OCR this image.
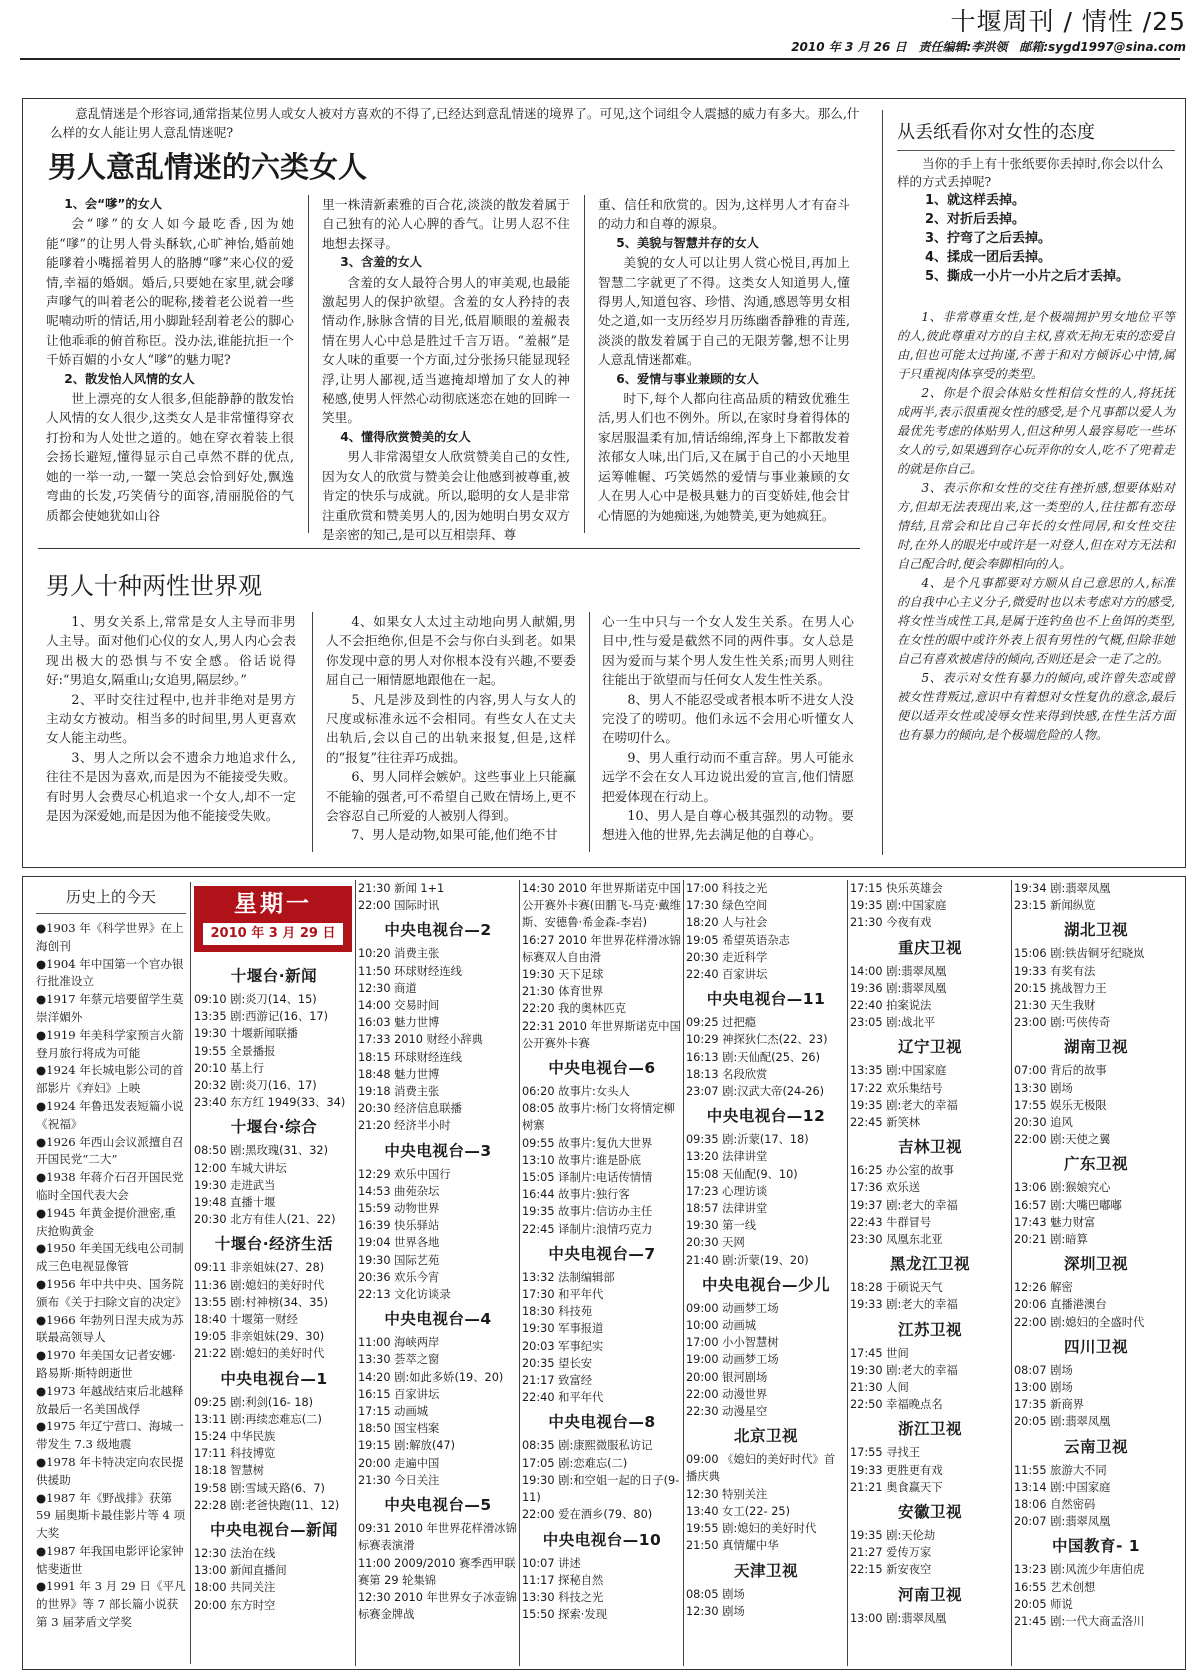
十堰周刊 / 情性 /25
2010 年 3 月 26 日　责任编辑:李洪领　邮箱:sygd1997@sina.com
意乱情迷是个形容词,通常指某位男人或女人被对方喜欢的不得了,已经达到意乱情迷的境界了。可见,这个词组令人震撼的威力有多大。那么,什么样的女人能让男人意乱情迷呢?
男人意乱情迷的六类女人
1、会“嗲”的女人

会“嗲”的女人如今最吃香,因为她能“嗲”的让男人骨头酥软,心旷神怡,婚前她能嗲着小嘴摇着男人的胳膊“嗲”来心仪的爱情,幸福的婚姻。婚后,只要她在家里,就会嗲声嗲气的叫着老公的昵称,搂着老公说着一些呢喃动听的情话,用小脚趾轻刮着老公的脚心让他乖乖的俯首称臣。没办法,谁能抗拒一个千娇百媚的小女人“嗲”的魅力呢?

2、散发怡人风情的女人

世上漂亮的女人很多,但能静静的散发怡人风情的女人很少,这类女人是非常懂得穿衣打扮和为人处世之道的。她在穿衣着装上很会扬长避短,懂得显示自己卓然不群的优点,她的一举一动,一颦一笑总会恰到好处,飘逸弯曲的长发,巧笑倩兮的面容,清丽脱俗的气质都会使她犹如山谷

里一株清新素雅的百合花,淡淡的散发着属于自己独有的沁人心脾的香气。让男人忍不住地想去探寻。

3、含羞的女人

含羞的女人最符合男人的审美观,也最能激起男人的保护欲望。含羞的女人矜持的表情动作,脉脉含情的目光,低眉顺眼的羞赧表情在男人心中总是胜过千言万语。“羞赧”是女人味的重要一个方面,过分张扬只能显现轻浮,让男人鄙视,适当遮掩却增加了女人的神秘感,使男人怦然心动彻底迷恋在她的回眸一笑里。

4、懂得欣赏赞美的女人

男人非常渴望女人欣赏赞美自己的女性,因为女人的欣赏与赞美会让他感到被尊重,被肯定的快乐与成就。所以,聪明的女人是非常注重欣赏和赞美男人的,因为她明白男女双方是亲密的知己,是可以互相崇拜、尊

重、信任和欣赏的。因为,这样男人才有奋斗的动力和自尊的源泉。

5、美貌与智慧并存的女人

美貌的女人可以让男人赏心悦目,再加上智慧二字就更了不得。这类女人知道男人,懂得男人,知道包容、珍惜、沟通,感恩等男女相处之道,如一支历经岁月历练幽香静雅的青莲,淡淡的散发着属于自己的无限芳馨,想不让男人意乱情迷都难。

6、爱情与事业兼顾的女人

时下,每个人都向往高品质的精致优雅生活,男人们也不例外。所以,在家时身着得体的家居服温柔有加,情话绵绵,浑身上下都散发着浓郁女人味,出门后,又在属于自己的小天地里运筹帷幄、巧笑嫣然的爱情与事业兼顾的女人在男人心中是极具魅力的百变娇娃,他会甘心情愿的为她痴迷,为她赞美,更为她疯狂。

男人十种两性世界观

1、男女关系上,常常是女人主导而非男人主导。面对他们心仪的女人,男人内心会表现出极大的恐惧与不安全感。俗话说得好:“男追女,隔重山;女追男,隔层纱。”

2、平时交往过程中,也并非绝对是男方主动女方被动。相当多的时间里,男人更喜欢女人能主动些。

3、男人之所以会不遗余力地追求什么,往往不是因为喜欢,而是因为不能接受失败。有时男人会费尽心机追求一个女人,却不一定是因为深爱她,而是因为他不能接受失败。

4、如果女人太过主动地向男人献媚,男人不会拒绝你,但是不会与你白头到老。如果你发现中意的男人对你根本没有兴趣,不要委屈自己一厢情愿地跟他在一起。

5、凡是涉及到性的内容,男人与女人的尺度或标准永远不会相同。有些女人在丈夫出轨后,会以自己的出轨来报复,但是,这样的“报复”往往弄巧成拙。

6、男人同样会嫉妒。这些事业上只能赢不能输的强者,可不希望自己败在情场上,更不会容忍自己所爱的人被别人得到。

7、男人是动物,如果可能,他们绝不甘

心一生中只与一个女人发生关系。在男人心目中,性与爱是截然不同的两件事。女人总是因为爱而与某个男人发生性关系;而男人则往往能出于欲望而与任何女人发生性关系。

8、男人不能忍受或者根本听不进女人没完没了的唠叨。他们永远不会用心听懂女人在唠叨什么。

9、男人重行动而不重言辞。男人可能永远学不会在女人耳边说出爱的宣言,他们情愿把爱体现在行动上。

10、男人是自尊心极其强烈的动物。要想进入他的世界,先去满足他的自尊心。

从丢纸看你对女性的态度
当你的手上有十张纸要你丢掉时,你会以什么样的方式丢掉呢?
1、就这样丢掉。
2、对折后丢掉。
3、拧弯了之后丢掉。
4、揉成一团后丢掉。
5、撕成一小片一小片之后才丢掉。

1、非常尊重女性,是个极端拥护男女地位平等的人,彼此尊重对方的自主权,喜欢无拘无束的恋爱自由,但也可能太过拘谨,不善于和对方倾诉心中情,属于只重视肉体享受的类型。

2、你是个很会体贴女性相信女性的人,将抚抚成两半,表示很重视女性的感受,是个凡事都以爱人为最优先考虑的体贴男人,但这种男人最容易吃一些坏女人的亏,如果遇到存心玩弄你的女人,吃不了兜着走的就是你自己。

3、表示你和女性的交往有挫折感,想要体贴对方,但却无法表现出来,这一类型的人,往往都有恋母情结,且常会和比自己年长的女性同居,和女性交往时,在外人的眼光中或许是一对登人,但在对方无法和自己配合时,便会奉脚相向的人。

4、是个凡事都要对方顺从自己意思的人,标准的自我中心主义分子,微爱时也以未考虑对方的感受,将女性当成性工具,是属于连钓鱼也不上鱼饵的类型,在女性的眼中或许外表上很有男性的气概,但除非她自己有喜欢被虐待的倾向,否则还是会一走了之的。

5、表示对女性有暴力的倾向,或许曾失恋或曾被女性背叛过,意识中有着想对女性复仇的意念,最后便以适弄女性或凌辱女性来得到快感,在性生活方面也有暴力的倾向,是个极端危险的人物。

历史上的今天

●1903 年《科学世界》在上海创刊

●1904 年中国第一个官办银行批准设立

●1917 年蔡元培要留学生莫崇洋媚外

●1919 年美科学家预言火箭登月旅行将成为可能

●1924 年长城电影公司的首部影片《弃妇》上映

●1924 年鲁迅发表短篇小说《祝福》

●1926 年西山会议派擅自召开国民党“二大”

●1938 年蒋介石召开国民党临时全国代表大会

●1945 年黄金提价泄密,重庆抢购黄金

●1950 年美国无线电公司制成三色电视显像管

●1956 年中共中央、国务院颁布《关于扫除文盲的决定》

●1966 年勃列日涅夫成为苏联最高领导人

●1970 年美国女记者安娜·路易斯·斯特朗逝世

●1973 年越战结束后北越释放最后一名美国战俘

●1975 年辽宁营口、海城一带发生 7.3 级地震

●1978 年卡特决定向农民提供援助

●1987 年《野战排》获第 59 届奥斯卡最佳影片等 4 项大奖

●1987 年我国电影评论家钟惦斐逝世

●1991 年 3 月 29 日《平凡的世界》等 7 部长篇小说获第 3 届茅盾文学奖

星期一
2010 年 3 月 29 日
十堰台·新闻
09:10 剧:炎刀(14、15)
13:35 剧:西游记(16、17)
19:30 十堰新闻联播
19:55 全景播报
20:10 基上行
20:32 剧:炎刀(16、17)
23:40 东方红 1949(33、34)
十堰台·综合
08:50 剧:黑玫瑰(31、32)
12:00 车城大讲坛
19:30 走进武当
19:48 直播十堰
20:30 北方有佳人(21、22)
十堰台·经济生活
09:11 非亲姐妹(27、28)
11:36 剧:媳妇的美好时代
13:55 剧:村神榜(34、35)
18:40 十堰第一财经
19:05 非亲姐妹(29、30)
21:22 剧:媳妇的美好时代
中央电视台—1
09:25 剧:利剑(16- 18)
13:11 剧:再续恋难忘(二)
15:24 中华民族
17:11 科技博览
18:18 智慧树
19:58 剧:雪域天路(6、7)
22:28 剧:老爸快跑(11、12)
中央电视台—新闻
12:30 法治在线
13:00 新闻直播间
18:00 共同关注
20:00 东方时空
21:30 新闻 1+1
22:00 国际时讯
中央电视台—2
10:20 消费主张
11:50 环球财经连线
12:30 商道
14:00 交易时间
16:03 魅力世博
17:33 2010 财经小辞典
18:15 环球财经连线
18:48 魅力世博
19:18 消费主张
20:30 经济信息联播
21:20 经济半小时
中央电视台—3
12:29 欢乐中国行
14:53 曲苑杂坛
15:59 动物世界
16:39 快乐驿站
19:04 世界各地
19:30 国际艺苑
20:36 欢乐今宵
22:13 文化访谈录
中央电视台—4
11:00 海峡两岸
13:30 荟萃之窗
14:20 剧:如此多娇(19、20)
16:15 百家讲坛
17:15 动画城
18:50 国宝档案
19:15 剧:解放(47)
20:00 走遍中国
21:30 今日关注
中央电视台—5
09:31 2010 年世界花样滑冰锦标赛表演滑
11:00 2009/2010 赛季西甲联赛第 29 轮集锦
12:30 2010 年世界女子冰壶锦标赛金牌战
14:30 2010 年世界斯诺克中国公开赛外卡赛(田鹏飞-马克·戴维斯、安德鲁·希金森-李岩)
16:27 2010 年世界花样滑冰锦标赛双人自由滑
19:30 天下足球
21:30 体育世界
22:20 我的奥林匹克
22:31 2010 年世界斯诺克中国公开赛外卡赛
中央电视台—6
06:20 故事片:女头人
08:05 故事片:杨门女将情定柳树寨
09:55 故事片:复仇大世界
13:10 故事片:谁是卧底
15:05 译制片:电话传情情
16:44 故事片:独行客
19:35 故事片:信访办主任
22:45 译制片:浪情巧克力
中央电视台—7
13:32 法制编辑部
17:30 和平年代
18:30 科技苑
19:30 军事报道
20:03 军事纪实
20:35 望长安
21:17 致富经
22:40 和平年代
中央电视台—8
08:35 剧:康熙微服私访记
17:05 剧:恋难忘(二)
19:30 剧:和空姐一起的日子(9- 11)
22:00 爱在酒乡(79、80)
中央电视台—10
10:07 讲述
11:17 探秘自然
13:30 科技之光
15:50 探索·发现
17:00 科技之光
17:30 绿色空间
18:20 人与社会
19:05 希望英语杂志
20:30 走近科学
22:40 百家讲坛
中央电视台—11
09:25 过把瘾
10:29 神探狄仁杰(22、23)
16:13 剧:天仙配(25、26)
18:13 名段欣赏
23:07 剧:汉武大帝(24-26)
中央电视台—12
09:35 剧:沂蒙(17、18)
13:20 法律讲堂
15:08 天仙配(9、10)
17:23 心理访谈
18:57 法律讲堂
19:30 第一线
20:30 天网
21:40 剧:沂蒙(19、20)
中央电视台—少儿
09:00 动画梦工场
10:00 动画城
17:00 小小智慧树
19:00 动画梦工场
20:00 银河剧场
22:00 动漫世界
22:30 动漫星空
北京卫视
09:00 《媳妇的美好时代》首播庆典
12:30 特别关注
13:40 女工(22- 25)
19:55 剧:媳妇的美好时代
21:50 真情耀中华
天津卫视
08:05 剧场
12:30 剧场
17:15 快乐英雄会
19:35 剧:中国家庭
21:30 今夜有戏
重庆卫视
14:00 剧:翡翠凤凰
19:36 剧:翡翠凤凰
22:40 拍案说法
23:05 剧:战北平
辽宁卫视
13:35 剧:中国家庭
17:22 欢乐集结号
19:35 剧:老大的幸福
22:45 新笑林
吉林卫视
16:25 办公室的故事
17:36 欢乐送
19:37 剧:老大的幸福
22:43 牛群冒号
23:30 凤凰东北亚
黑龙江卫视
18:28 于硕说天气
19:33 剧:老大的幸福
江苏卫视
17:45 世间
19:30 剧:老大的幸福
21:30 人间
22:50 幸福晚点名
浙江卫视
17:55 寻找王
19:33 更胜更有戏
21:21 奥食赢天下
安徽卫视
19:35 剧:天伦劫
21:27 爱传万家
22:15 新安夜空
河南卫视
13:00 剧:翡翠凤凰
19:34 剧:翡翠凤凰
23:15 新闻纵览
湖北卫视
15:06 剧:铁齿铜牙纪晓岚
19:33 有奖有法
20:15 挑战智力王
21:30 天生我财
23:00 剧:丐侠传奇
湖南卫视
07:00 背后的故事
13:30 剧场
17:55 娱乐无极限
20:30 追风
22:00 剧:天使之翼
广东卫视
13:06 剧:猴娘究心
16:57 剧:大嘴巴嘟嘟
17:43 魅力财富
20:21 剧:暗算
深圳卫视
12:26 解密
20:06 直播港澳台
22:00 剧:媳妇的全盛时代
四川卫视
08:07 剧场
13:00 剧场
17:35 新商界
20:05 剧:翡翠凤凰
云南卫视
11:55 旅游大不同
13:14 剧:中国家庭
18:06 自然密码
20:07 剧:翡翠凤凰
中国教育- 1
13:23 剧:风流少年唐伯虎
16:55 艺术创想
20:05 师说
21:45 剧:一代大商孟洛川
